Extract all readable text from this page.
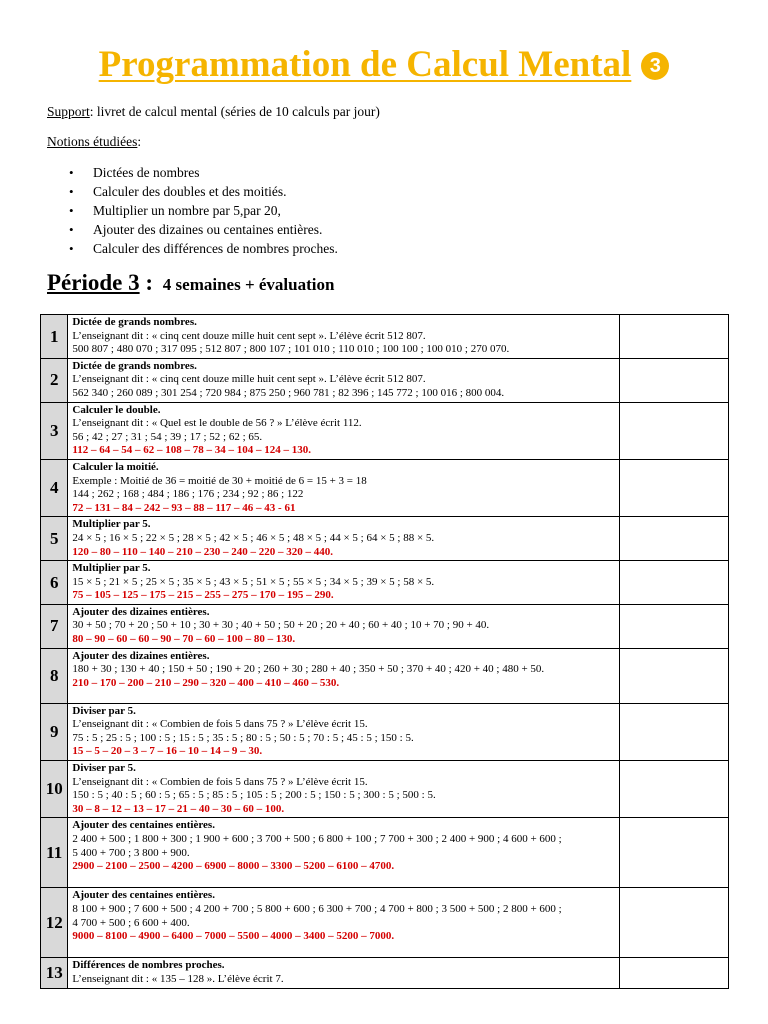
Programmation de Calcul Mental 3
Support: livret de calcul mental (séries de 10 calculs par jour)
Notions étudiées:
• Dictées de nombres
• Calculer des doubles et des moitiés.
• Multiplier un nombre par 5,par 20,
• Ajouter des dizaines ou centaines entières.
• Calculer des différences de nombres proches.
Période 3 : 4 semaines + évaluation
1	Dictée de grands nombres.
L’enseignant dit : « cinq cent douze mille huit cent sept ». L’élève écrit 512 807.
500 807 ; 480 070 ; 317 095 ; 512 807 ; 800 107 ; 101 010 ; 110 010 ; 100 100 ; 100 010 ; 270 070.	

2	Dictée de grands nombres.
L’enseignant dit : « cinq cent douze mille huit cent sept ». L’élève écrit 512 807.
562 340 ; 260 089 ; 301 254 ; 720 984 ; 875 250 ; 960 781 ; 82 396 ; 145 772 ; 100 016 ; 800 004.	

3	Calculer le double.
L’enseignant dit : « Quel est le double de 56 ? » L’élève écrit 112.
56 ; 42 ; 27 ; 31 ; 54 ; 39 ; 17 ; 52 ; 62 ; 65.
112 – 64 – 54 – 62 – 108 – 78 – 34 – 104 – 124 – 130.	

4	Calculer la moitié.
Exemple : Moitié de 36 = moitié de 30 + moitié de 6 = 15 + 3 = 18
144 ; 262 ; 168 ; 484 ; 186 ; 176 ; 234 ; 92 ; 86 ; 122
72 – 131 – 84 – 242 – 93 – 88 – 117 – 46 – 43 - 61	

5	Multiplier par 5.
24 × 5 ; 16 × 5 ; 22 × 5 ; 28 × 5 ; 42 × 5 ; 46 × 5 ; 48 × 5 ; 44 × 5 ; 64 × 5 ; 88 × 5.
120 – 80 – 110 – 140 – 210 – 230 – 240 – 220 – 320 – 440.	

6	Multiplier par 5.
15 × 5 ; 21 × 5 ; 25 × 5 ; 35 × 5 ; 43 × 5 ; 51 × 5 ; 55 × 5 ; 34 × 5 ; 39 × 5 ; 58 × 5.
75 – 105 – 125 – 175 – 215 – 255 – 275 – 170 – 195 – 290.	

7	Ajouter des dizaines entières.
30 + 50 ; 70 + 20 ; 50 + 10 ; 30 + 30 ; 40 + 50 ; 50 + 20 ; 20 + 40 ; 60 + 40 ; 10 + 70 ; 90 + 40.
80 – 90 – 60 – 60 – 90 – 70 – 60 – 100 – 80 – 130.	

8	Ajouter des dizaines entières.
180 + 30 ; 130 + 40 ; 150 + 50 ; 190 + 20 ; 260 + 30 ; 280 + 40 ; 350 + 50 ; 370 + 40 ; 420 + 40 ; 480 + 50.
210 – 170 – 200 – 210 – 290 – 320 – 400 – 410 – 460 – 530.	

9	Diviser par 5.
L’enseignant dit : « Combien de fois 5 dans 75 ? » L’élève écrit 15.
75 : 5 ; 25 : 5 ; 100 : 5 ; 15 : 5 ; 35 : 5 ; 80 : 5 ; 50 : 5 ; 70 : 5 ; 45 : 5 ; 150 : 5.
15 – 5 – 20 – 3 – 7 – 16 – 10 – 14 – 9 – 30.	

10	Diviser par 5.
L’enseignant dit : « Combien de fois 5 dans 75 ? » L’élève écrit 15.
150 : 5 ; 40 : 5 ; 60 : 5 ; 65 : 5 ; 85 : 5 ; 105 : 5 ; 200 : 5 ; 150 : 5 ; 300 : 5 ; 500 : 5.
30 – 8 – 12 – 13 – 17 – 21 – 40 – 30 – 60 – 100.	

11	Ajouter des centaines entières.
2 400 + 500 ; 1 800 + 300 ; 1 900 + 600 ; 3 700 + 500 ; 6 800 + 100 ; 7 700 + 300 ; 2 400 + 900 ; 4 600 + 600 ;
5 400 + 700 ; 3 800 + 900.
2900 – 2100 – 2500 – 4200 – 6900 – 8000 – 3300 – 5200 – 6100 – 4700.	

12	Ajouter des centaines entières.
8 100 + 900 ; 7 600 + 500 ; 4 200 + 700 ; 5 800 + 600 ; 6 300 + 700 ; 4 700 + 800 ; 3 500 + 500 ; 2 800 + 600 ;
4 700 + 500 ; 6 600 + 400.
9000 – 8100 – 4900 – 6400 – 7000 – 5500 – 4000 – 3400 – 5200 – 7000.	

13	Différences de nombres proches.
L’enseignant dit : « 135 – 128 ». L’élève écrit 7.	
